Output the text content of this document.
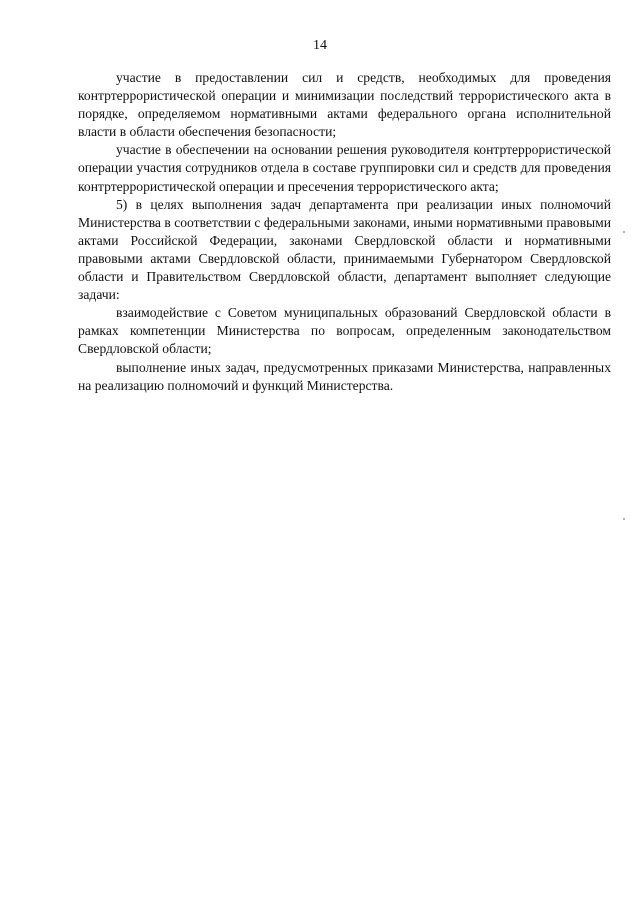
14

участие в предоставлении сил и средств, необходимых для проведения контртеррористической операции и минимизации последствий террористического акта в порядке, определяемом нормативными актами федерального органа исполнительной власти в области обеспечения безопасности;

участие в обеспечении на основании решения руководителя контртеррористической операции участия сотрудников отдела в составе группировки сил и средств для проведения контртеррористической операции и пресечения террористического акта;

5) в целях выполнения задач департамента при реализации иных полномочий Министерства в соответствии с федеральными законами, иными нормативными правовыми актами Российской Федерации, законами Свердловской области и нормативными правовыми актами Свердловской области, принимаемыми Губернатором Свердловской области и Правительством Свердловской области, департамент выполняет следующие задачи:

взаимодействие с Советом муниципальных образований Свердловской области в рамках компетенции Министерства по вопросам, определенным законодательством Свердловской области;

выполнение иных задач, предусмотренных приказами Министерства, направленных на реализацию полномочий и функций Министерства.
